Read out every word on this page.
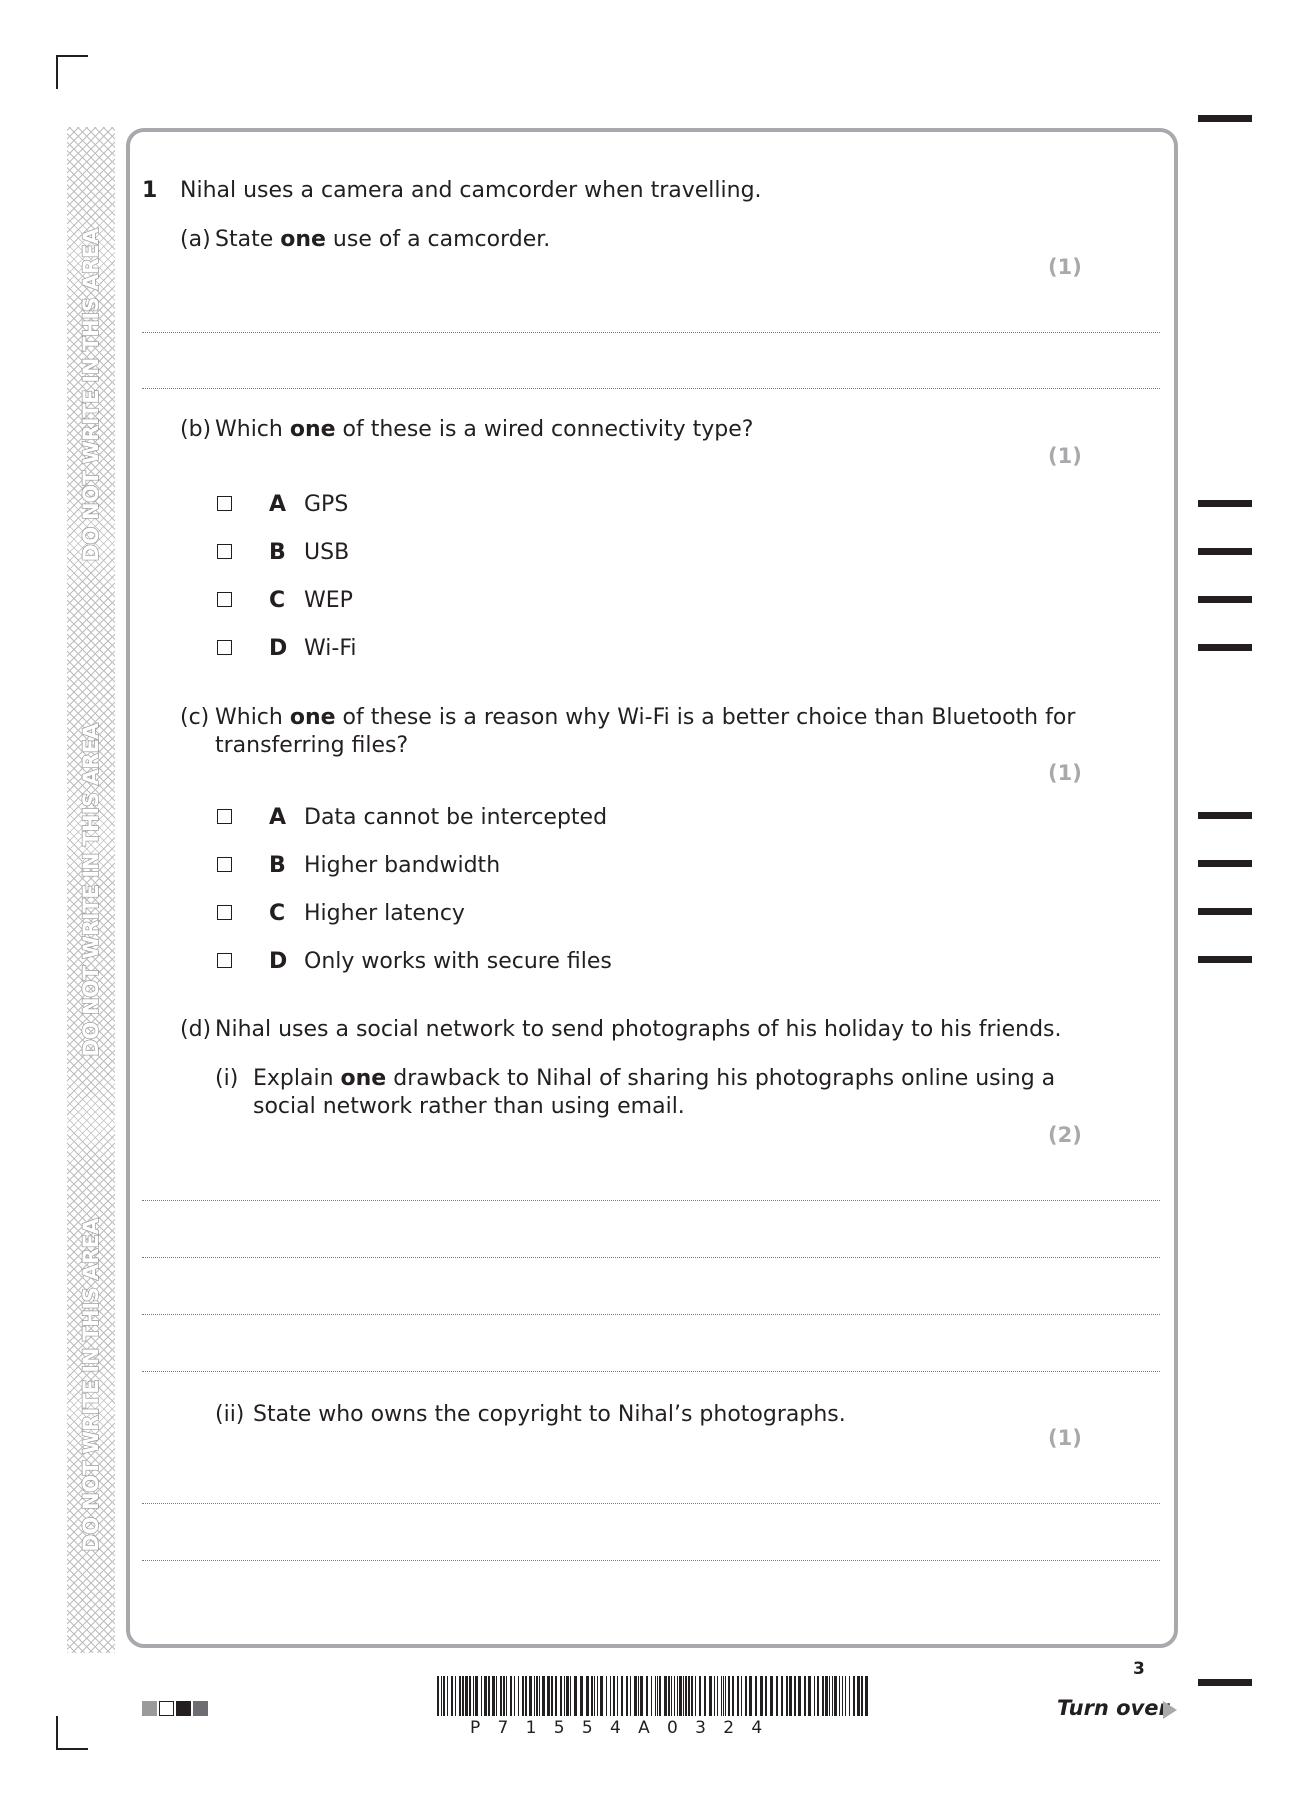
DO NOT WRITE IN THIS AREA
DO NOT WRITE IN THIS AREA
DO NOT WRITE IN THIS AREA
1 Nihal uses a camera and camcorder when travelling.
(a) State one use of a camcorder.
(1)
(b) Which one of these is a wired connectivity type?
(1)
A GPS
B USB
C WEP
D Wi-Fi
(c) Which one of these is a reason why Wi-Fi is a better choice than Bluetooth for
transferring files?
(1)
A Data cannot be intercepted
B Higher bandwidth
C Higher latency
D Only works with secure files
(d) Nihal uses a social network to send photographs of his holiday to his friends.
(i) Explain one drawback to Nihal of sharing his photographs online using a
social network rather than using email.
(2)
(ii) State who owns the copyright to Nihal’s photographs.
(1)
P71554A0324
3
Turn over
